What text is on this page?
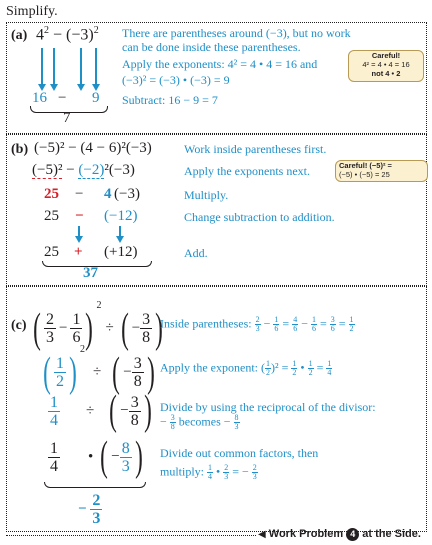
Simplify.
(a) $4^2 - (-3)^2$
16 − 9
7
There are parentheses around (−3), but no work
can be done inside these parentheses.
Apply the exponents: 4² = 4 • 4 = 16 and
(−3)² = (−3) • (−3) = 9
Subtract: 16 − 9 = 7
Careful!
4² = 4 • 4 = 16
not 4 • 2
(b) (−5)² − (4 − 6)²(−3)	Work inside parentheses first.
(−5)² − (−2)²(−3)	Apply the exponents next.	Careful! (−5)² =
(−5) • (−5) = 25
25 − 4 (−3)	Multiply.
25 − (−12)	Change subtraction to addition.
25 + (+12)	Add.
37
(c) ( $\frac{2}{3} - \frac{1}{6} )^2\div$ ( − $\frac{3}{8}$ )
Inside parentheses: $\frac{2}{3} - \frac{1}{6} = \frac{4}{6} - \frac{1}{6} = \frac{3}{6} = \frac{1}{2}$
( $\frac{1}{2} )^2\div$ ( − $\frac{3}{8}$ ) Apply the exponent: ( $\frac{1}{2} )^2 = \frac{1}{2}$ • $\frac{1}{2} = \frac{1}{4}$
$\frac{1}{4}$ ÷ ( − $\frac{3}{8}$ ) Divide by using the reciprocal of the divisor:
− $\frac{3}{8}$ becomes − $\frac{8}{3}$
$\frac{1}{4}$ • ( − $\frac{8}{3}$ ) Divide out common factors, then
multiply: $\frac{1}{4}$ • $\frac{2}{3}$ = − $\frac{2}{3}$
− $\frac{2}{3}$
◀ Work Problem 4 at the Side.
